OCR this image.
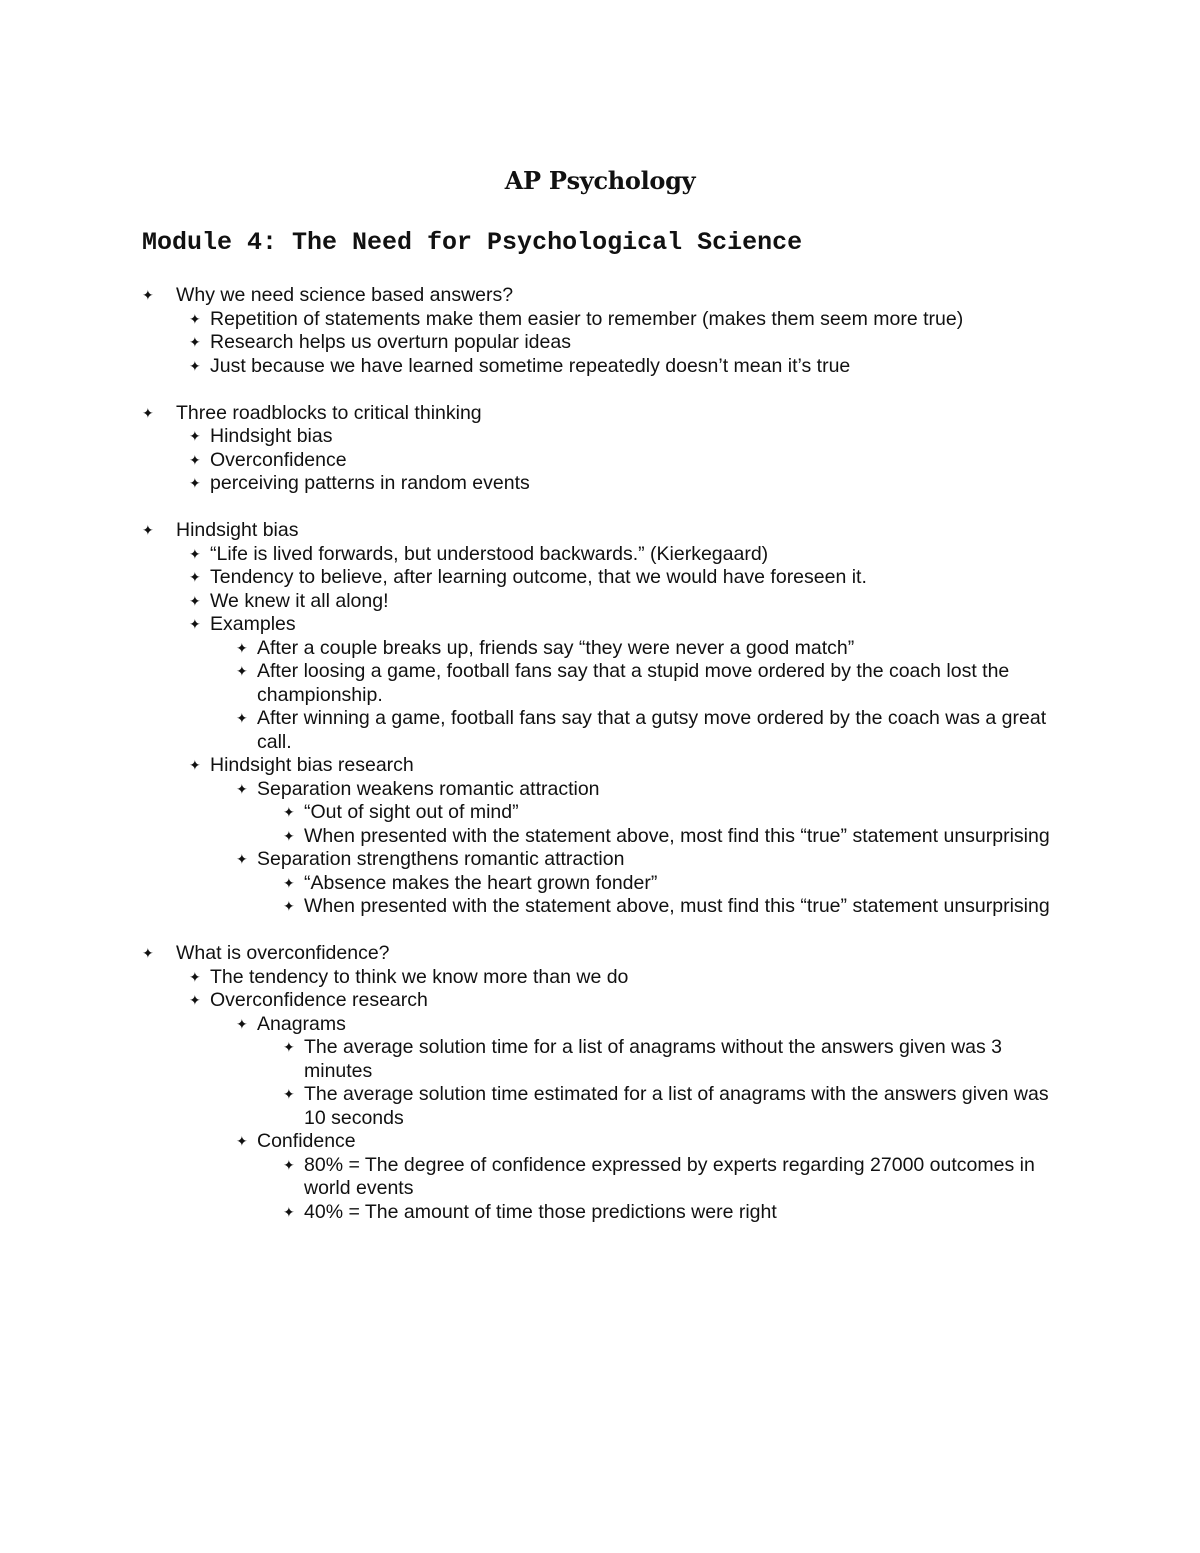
AP Psychology
Module 4: The Need for Psychological Science
✦ Why we need science based answers?
✦ Repetition of statements make them easier to remember (makes them seem more true)
✦ Research helps us overturn popular ideas
✦ Just because we have learned sometime repeatedly doesn’t mean it’s true
✦ Three roadblocks to critical thinking
✦ Hindsight bias
✦ Overconfidence
✦ perceiving patterns in random events
✦ Hindsight bias
✦ “Life is lived forwards, but understood backwards.” (Kierkegaard)
✦ Tendency to believe, after learning outcome, that we would have foreseen it.
✦ We knew it all along!
✦ Examples
✦ After a couple breaks up, friends say “they were never a good match”
✦ After loosing a game, football fans say that a stupid move ordered by the coach lost the championship.
✦ After winning a game, football fans say that a gutsy move ordered by the coach was a great call.
✦ Hindsight bias research
✦ Separation weakens romantic attraction
✦ “Out of sight out of mind”
✦ When presented with the statement above, most find this “true” statement unsurprising
✦ Separation strengthens romantic attraction
✦ “Absence makes the heart grown fonder”
✦ When presented with the statement above, must find this “true” statement unsurprising
✦ What is overconfidence?
✦ The tendency to think we know more than we do
✦ Overconfidence research
✦ Anagrams
✦ The average solution time for a list of anagrams without the answers given was 3 minutes
✦ The average solution time estimated for a list of anagrams with the answers given was 10 seconds
✦ Confidence
✦ 80% = The degree of confidence expressed by experts regarding 27000 outcomes in world events
✦ 40% = The amount of time those predictions were right
